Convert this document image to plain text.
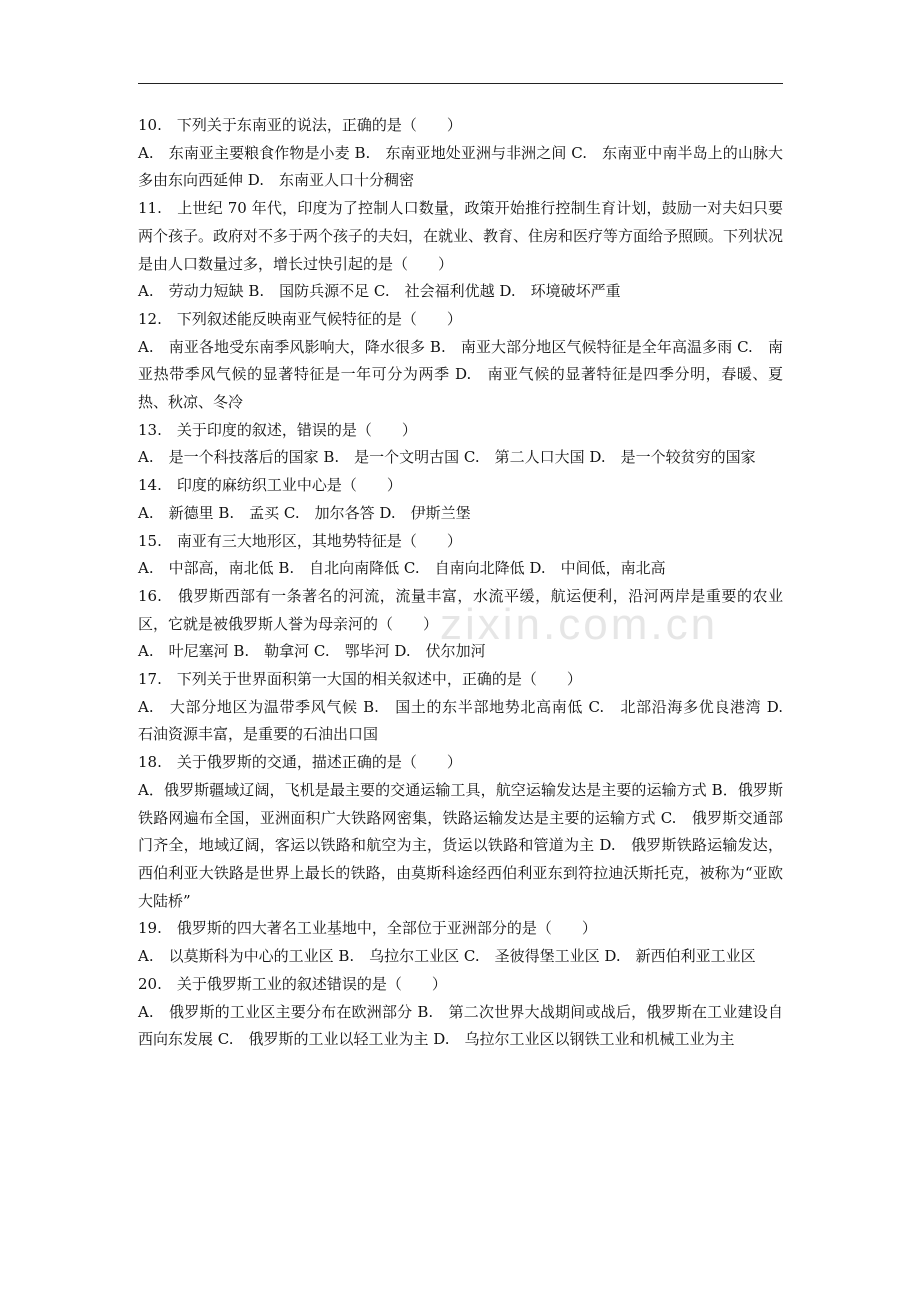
zixin.com.cn

10.　下列关于东南亚的说法，正确的是（　　）

A.　东南亚主要粮食作物是小麦 B.　东南亚地处亚洲与非洲之间 C.　东南亚中南半岛上的山脉大多由东向西延伸 D.　东南亚人口十分稠密

11.　上世纪 70 年代，印度为了控制人口数量，政策开始推行控制生育计划，鼓励一对夫妇只要两个孩子。政府对不多于两个孩子的夫妇，在就业、教育、住房和医疗等方面给予照顾。下列状况是由人口数量过多，增长过快引起的是（　　）

A.　劳动力短缺 B.　国防兵源不足 C.　社会福利优越 D.　环境破坏严重

12.　下列叙述能反映南亚气候特征的是（　　）

A.　南亚各地受东南季风影响大，降水很多 B.　南亚大部分地区气候特征是全年高温多雨 C.　南亚热带季风气候的显著特征是一年可分为两季 D.　南亚气候的显著特征是四季分明，春暖、夏热、秋凉、冬冷

13.　关于印度的叙述，错误的是（　　）

A.　是一个科技落后的国家 B.　是一个文明古国 C.　第二人口大国 D.　是一个较贫穷的国家

14.　印度的麻纺织工业中心是（　　）

A.　新德里 B.　孟买 C.　加尔各答 D.　伊斯兰堡

15.　南亚有三大地形区，其地势特征是（　　）

A.　中部高，南北低 B.　自北向南降低 C.　自南向北降低 D.　中间低，南北高

16.　俄罗斯西部有一条著名的河流，流量丰富，水流平缓，航运便利，沿河两岸是重要的农业区，它就是被俄罗斯人誉为母亲河的（　　）

A.　叶尼塞河 B.　勒拿河 C.　鄂毕河 D.　伏尔加河

17.　下列关于世界面积第一大国的相关叙述中，正确的是（　　）

A.　大部分地区为温带季风气候 B.　国土的东半部地势北高南低 C.　北部沿海多优良港湾 D.　石油资源丰富，是重要的石油出口国

18.　关于俄罗斯的交通，描述正确的是（　　）

A．俄罗斯疆域辽阔，飞机是最主要的交通运输工具，航空运输发达是主要的运输方式 B．俄罗斯铁路网遍布全国，亚洲面积广大铁路网密集，铁路运输发达是主要的运输方式 C.　俄罗斯交通部门齐全，地域辽阔，客运以铁路和航空为主，货运以铁路和管道为主 D.　俄罗斯铁路运输发达，西伯利亚大铁路是世界上最长的铁路，由莫斯科途经西伯利亚东到符拉迪沃斯托克，被称为“亚欧大陆桥”

19.　俄罗斯的四大著名工业基地中，全部位于亚洲部分的是（　　）

A.　以莫斯科为中心的工业区 B.　乌拉尔工业区 C.　圣彼得堡工业区 D.　新西伯利亚工业区

20.　关于俄罗斯工业的叙述错误的是（　　）

A.　俄罗斯的工业区主要分布在欧洲部分 B.　第二次世界大战期间或战后，俄罗斯在工业建设自西向东发展 C.　俄罗斯的工业以轻工业为主 D.　乌拉尔工业区以钢铁工业和机械工业为主
